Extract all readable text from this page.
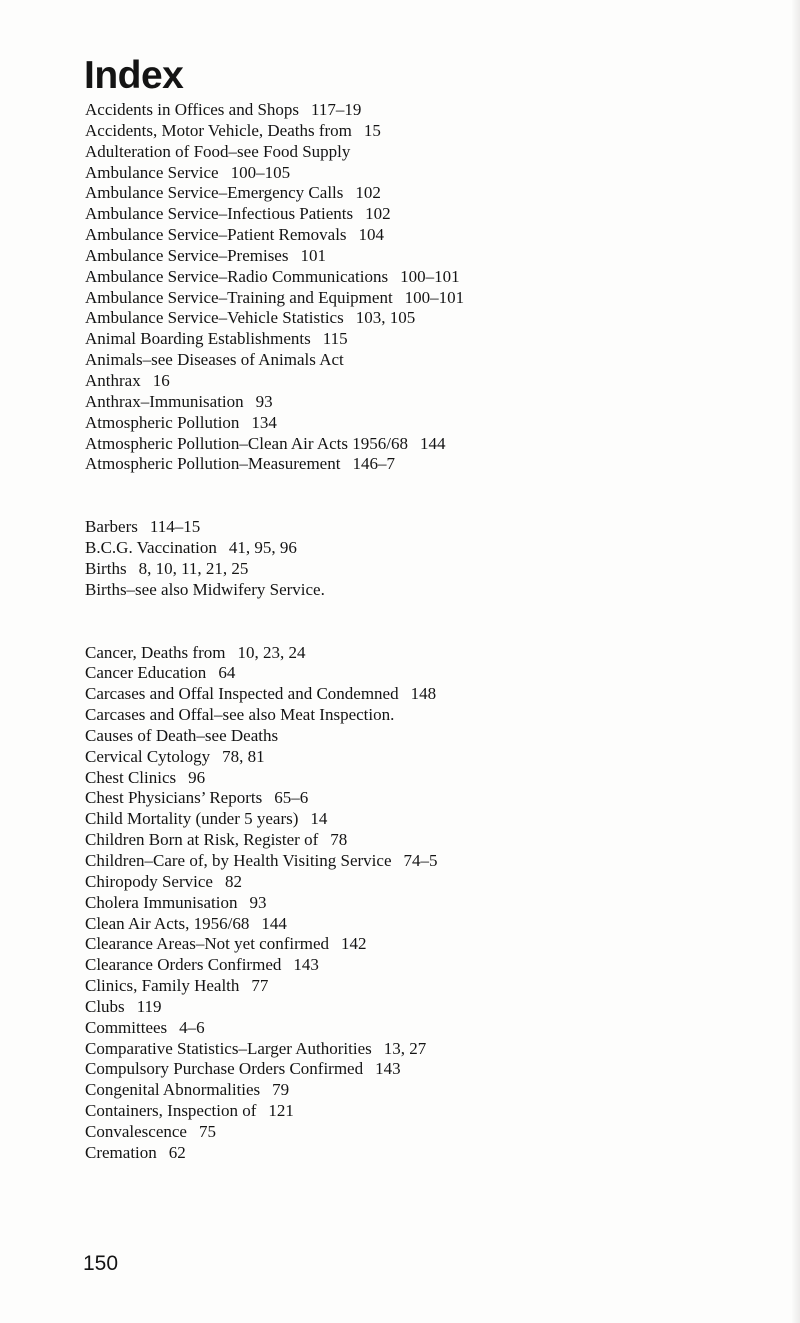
Index
Accidents in Offices and Shops 117–19
Accidents, Motor Vehicle, Deaths from 15
Adulteration of Food–see Food Supply
Ambulance Service 100–105
Ambulance Service–Emergency Calls 102
Ambulance Service–Infectious Patients 102
Ambulance Service–Patient Removals 104
Ambulance Service–Premises 101
Ambulance Service–Radio Communications 100–101
Ambulance Service–Training and Equipment 100–101
Ambulance Service–Vehicle Statistics 103, 105
Animal Boarding Establishments 115
Animals–see Diseases of Animals Act
Anthrax 16
Anthrax–Immunisation 93
Atmospheric Pollution 134
Atmospheric Pollution–Clean Air Acts 1956/68 144
Atmospheric Pollution–Measurement 146–7
Barbers 114–15
B.C.G. Vaccination 41, 95, 96
Births 8, 10, 11, 21, 25
Births–see also Midwifery Service.
Cancer, Deaths from 10, 23, 24
Cancer Education 64
Carcases and Offal Inspected and Condemned 148
Carcases and Offal–see also Meat Inspection.
Causes of Death–see Deaths
Cervical Cytology 78, 81
Chest Clinics 96
Chest Physicians’ Reports 65–6
Child Mortality (under 5 years) 14
Children Born at Risk, Register of 78
Children–Care of, by Health Visiting Service 74–5
Chiropody Service 82
Cholera Immunisation 93
Clean Air Acts, 1956/68 144
Clearance Areas–Not yet confirmed 142
Clearance Orders Confirmed 143
Clinics, Family Health 77
Clubs 119
Committees 4–6
Comparative Statistics–Larger Authorities 13, 27
Compulsory Purchase Orders Confirmed 143
Congenital Abnormalities 79
Containers, Inspection of 121
Convalescence 75
Cremation 62
150
